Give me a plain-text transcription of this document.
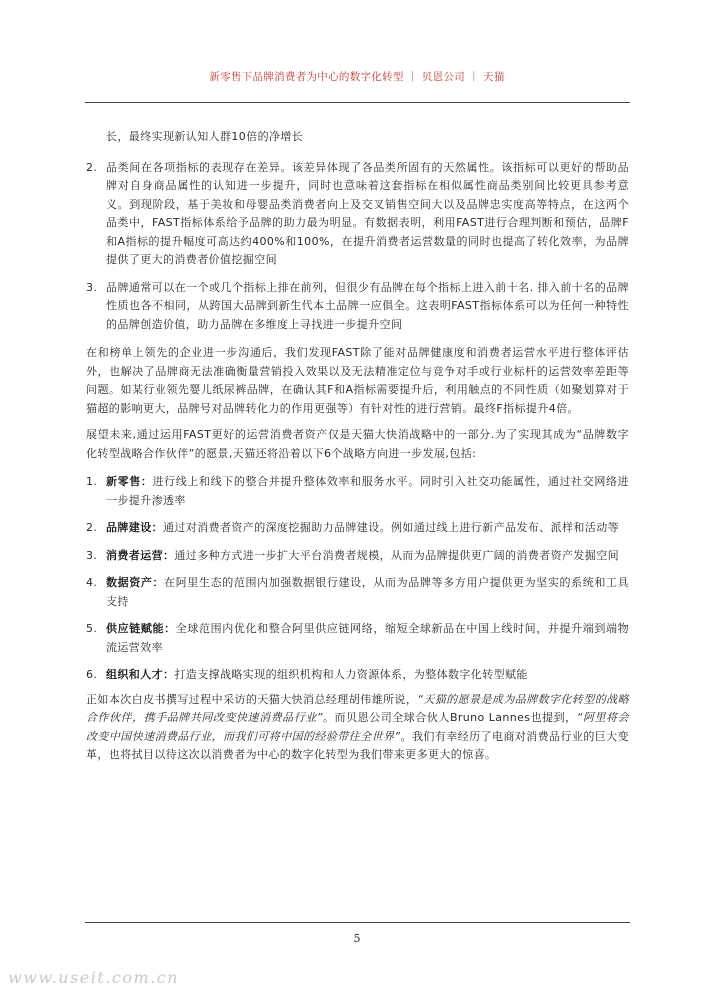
新零售下品牌消费者为中心的数字化转型 ｜ 贝恩公司 ｜ 天猫

长，最终实现新认知人群10倍的净增长

2. 品类间在各项指标的表现存在差异。该差异体现了各品类所固有的天然属性。该指标可以更好的帮助品牌对自身商品属性的认知进一步提升，同时也意味着这套指标在相似属性商品类别间比较更具参考意义。到现阶段，基于美妆和母婴品类消费者向上及交叉销售空间大以及品牌忠实度高等特点，在这两个品类中，FAST指标体系给予品牌的助力最为明显。有数据表明，利用FAST进行合理判断和预估，品牌F和A指标的提升幅度可高达约400%和100%，在提升消费者运营数量的同时也提高了转化效率，为品牌提供了更大的消费者价值挖掘空间
3. 品牌通常可以在一个或几个指标上排在前列，但很少有品牌在每个指标上进入前十名. 排入前十名的品牌性质也各不相同，从跨国大品牌到新生代本土品牌一应俱全。这表明FAST指标体系可以为任何一种特性的品牌创造价值，助力品牌在多维度上寻找进一步提升空间

在和榜单上领先的企业进一步沟通后，我们发现FAST除了能对品牌健康度和消费者运营水平进行整体评估外，也解决了品牌商无法准确衡量营销投入效果以及无法精准定位与竞争对手或行业标杆的运营效率差距等问题。如某行业领先婴儿纸尿裤品牌，在确认其F和A指标需要提升后，利用触点的不同性质（如聚划算对于猫超的影响更大，品牌号对品牌转化力的作用更强等）有针对性的进行营销。最终F指标提升4倍。

展望未来,通过运用FAST更好的运营消费者资产仅是天猫大快消战略中的一部分.为了实现其成为“品牌数字化转型战略合作伙伴”的愿景,天猫还将沿着以下6个战略方向进一步发展,包括:

1. 新零售：进行线上和线下的整合并提升整体效率和服务水平。同时引入社交功能属性，通过社交网络进一步提升渗透率
2. 品牌建设：通过对消费者资产的深度挖掘助力品牌建设。例如通过线上进行新产品发布、派样和活动等
3. 消费者运营：通过多种方式进一步扩大平台消费者规模，从而为品牌提供更广阔的消费者资产发掘空间
4. 数据资产：在阿里生态的范围内加强数据银行建设，从而为品牌等多方用户提供更为坚实的系统和工具支持
5. 供应链赋能：全球范围内优化和整合阿里供应链网络，缩短全球新品在中国上线时间，并提升端到端物流运营效率
6. 组织和人才：打造支撑战略实现的组织机构和人力资源体系，为整体数字化转型赋能

正如本次白皮书撰写过程中采访的天猫大快消总经理胡伟雄所说，“天猫的愿景是成为品牌数字化转型的战略合作伙伴，携手品牌共同改变快速消费品行业”。而贝恩公司全球合伙人Bruno Lannes也提到，“阿里将会改变中国快速消费品行业，而我们可将中国的经验带往全世界”。我们有幸经历了电商对消费品行业的巨大变革，也将拭目以待这次以消费者为中心的数字化转型为我们带来更多更大的惊喜。

5
www.useit.com.cn
